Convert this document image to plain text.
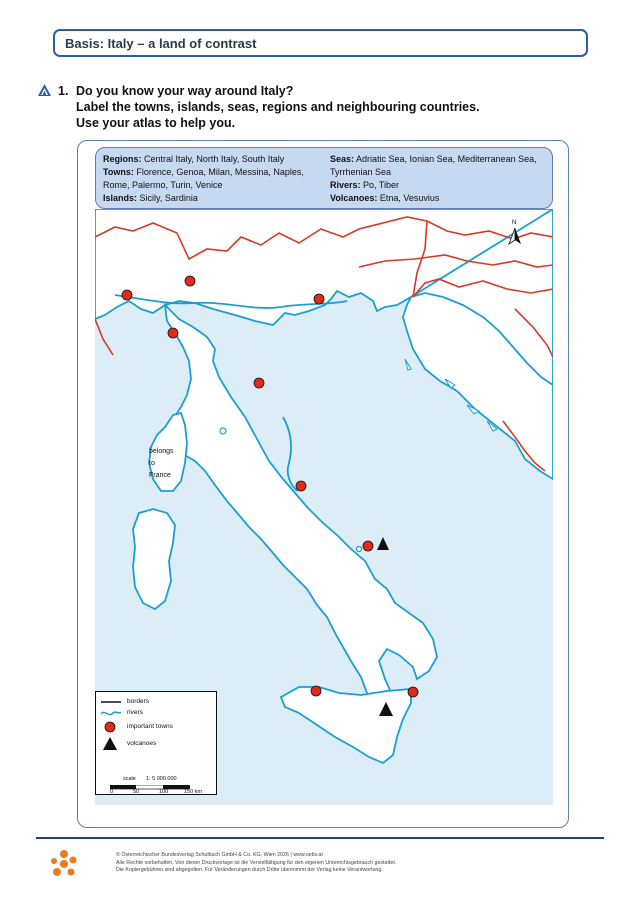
Basis: Italy – a land of contrast
1. Do you know your way around Italy?
Label the towns, islands, seas, regions and neighbouring countries.
Use your atlas to help you.
belongs
to
France
N
Regions: Central Italy, North Italy, South Italy
Towns: Florence, Genoa, Milan, Messina, Naples, Rome, Palermo, Turin, Venice
Islands: Sicily, Sardinia
Seas: Adriatic Sea, Ionian Sea, Mediterranean Sea, Tyrrhenian Sea
Rivers: Po, Tiber
Volcanoes: Etna, Vesuvius
borders
rivers
important towns
volcanoes
scale 1: 5 000 000
0	50	100	150 km
© Österreichischer Bundesverlag Schulbuch GmbH & Co. KG, Wien 2026 | www.oebv.at
Alle Rechte vorbehalten. Von dieser Druckvorlage ist die Vervielfältigung für den eigenen Unterrichtsgebrauch gestattet.
Die Kopiergebühren sind abgegolten. Für Veränderungen durch Dritte übernimmt der Verlag keine Verantwortung.
